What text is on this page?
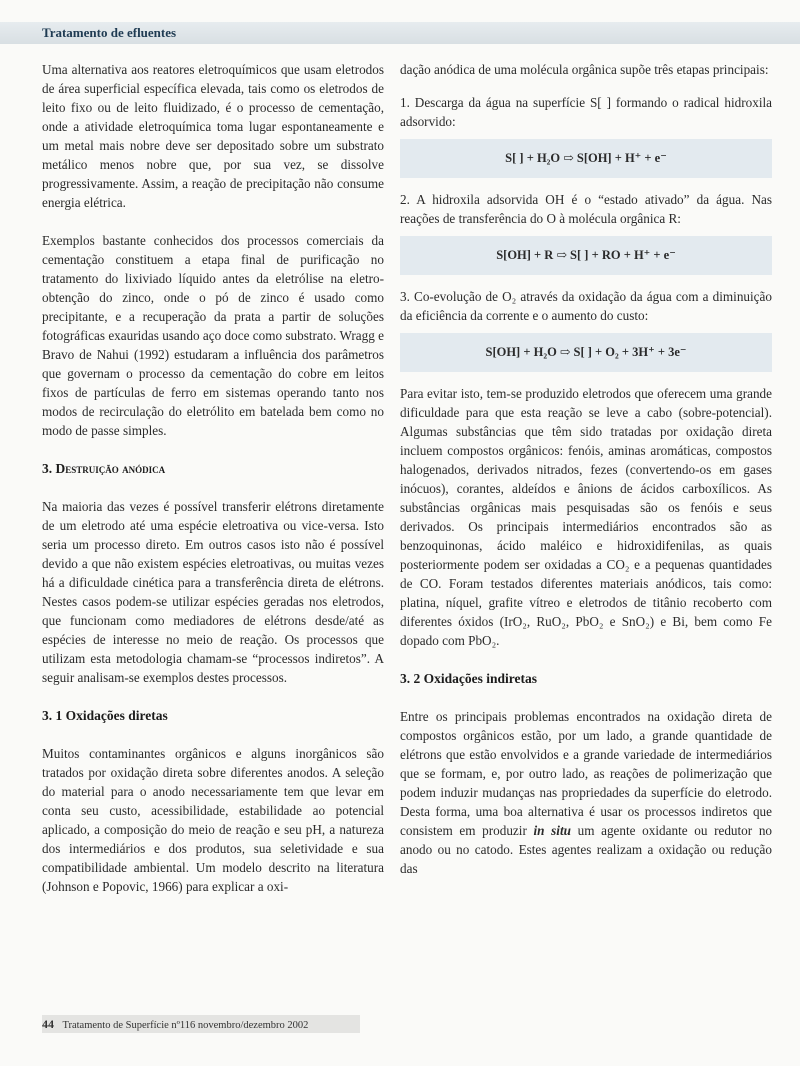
Tratamento de efluentes

Uma alternativa aos reatores eletroquímicos que usam eletrodos de área superficial específica elevada, tais como os eletrodos de leito fixo ou de leito fluidizado, é o processo de cementação, onde a atividade eletroquímica toma lugar espontaneamente e um metal mais nobre deve ser depositado sobre um substrato metálico menos nobre que, por sua vez, se dissolve progressivamente. Assim, a reação de precipitação não consume energia elétrica.

Exemplos bastante conhecidos dos processos comerciais da cementação constituem a etapa final de purificação no tratamento do lixiviado líquido antes da eletrólise na eletro-obtenção do zinco, onde o pó de zinco é usado como precipitante, e a recuperação da prata a partir de soluções fotográficas exauridas usando aço doce como substrato. Wragg e Bravo de Nahui (1992) estudaram a influência dos parâmetros que governam o processo da cementação do cobre em leitos fixos de partículas de ferro em sistemas operando tanto nos modos de recirculação do eletrólito em batelada bem como no modo de passe simples.

3. Destruição anódica

Na maioria das vezes é possível transferir elétrons diretamente de um eletrodo até uma espécie eletroativa ou vice-versa. Isto seria um processo direto. Em outros casos isto não é possível devido a que não existem espécies eletroativas, ou muitas vezes há a dificuldade cinética para a transferência direta de elétrons. Nestes casos podem-se utilizar espécies geradas nos eletrodos, que funcionam como mediadores de elétrons desde/até as espécies de interesse no meio de reação. Os processos que utilizam esta metodologia chamam-se “processos indiretos”. A seguir analisam-se exemplos destes processos.

3. 1 Oxidações diretas

Muitos contaminantes orgânicos e alguns inorgânicos são tratados por oxidação direta sobre diferentes anodos. A seleção do material para o anodo necessariamente tem que levar em conta seu custo, acessibilidade, estabilidade ao potencial aplicado, a composição do meio de reação e seu pH, a natureza dos intermediários e dos produtos, sua seletividade e sua compatibilidade ambiental. Um modelo descrito na literatura (Johnson e Popovic, 1966) para explicar a oxi-

dação anódica de uma molécula orgânica supõe três etapas principais:

1. Descarga da água na superfície S[ ] formando o radical hidroxila adsorvido:
S[ ] + H₂O ⇨ S[OH] + H⁺ + e⁻
2. A hidroxila adsorvida OH é o “estado ativado” da água. Nas reações de transferência do O à molécula orgânica R:
S[OH] + R ⇨ S[ ] + RO + H⁺ + e⁻
3. Co-evolução de O₂ através da oxidação da água com a diminuição da eficiência da corrente e o aumento do custo:
S[OH] + H₂O ⇨ S[ ] + O₂ + 3H⁺ + 3e⁻

Para evitar isto, tem-se produzido eletrodos que oferecem uma grande dificuldade para que esta reação se leve a cabo (sobre-potencial). Algumas substâncias que têm sido tratadas por oxidação direta incluem compostos orgânicos: fenóis, aminas aromáticas, compostos halogenados, derivados nitrados, fezes (convertendo-os em gases inócuos), corantes, aldeídos e ânions de ácidos carboxílicos. As substâncias orgânicas mais pesquisadas são os fenóis e seus derivados. Os principais intermediários encontrados são as benzoquinonas, ácido maléico e hidroxidifenilas, as quais posteriormente podem ser oxidadas a CO₂ e a pequenas quantidades de CO. Foram testados diferentes materiais anódicos, tais como: platina, níquel, grafite vítreo e eletrodos de titânio recoberto com diferentes óxidos (IrO₂, RuO₂, PbO₂ e SnO₂) e Bi, bem como Fe dopado com PbO₂.

3. 2 Oxidações indiretas

Entre os principais problemas encontrados na oxidação direta de compostos orgânicos estão, por um lado, a grande quantidade de elétrons que estão envolvidos e a grande variedade de intermediários que se formam, e, por outro lado, as reações de polimerização que podem induzir mudanças nas propriedades da superfície do eletrodo. Desta forma, uma boa alternativa é usar os processos indiretos que consistem em produzir in situ um agente oxidante ou redutor no anodo ou no catodo. Estes agentes realizam a oxidação ou redução das

44 Tratamento de Superfície nº116 novembro/dezembro 2002
